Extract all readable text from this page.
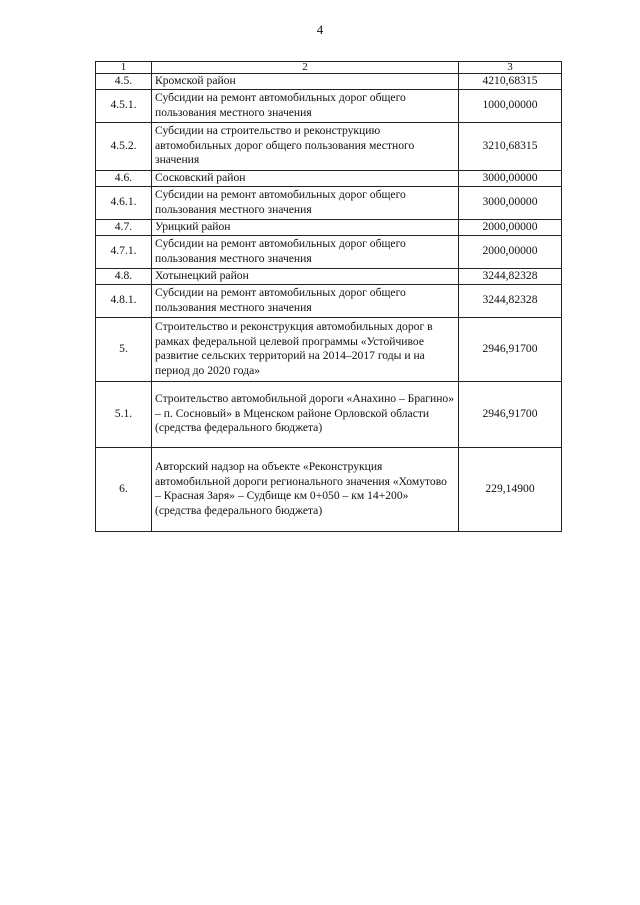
4
1	2	3
4.5.	Кромской район	4210,68315
4.5.1.	Субсидии на ремонт автомобильных дорог общего пользования местного значения	1000,00000
4.5.2.	Субсидии на строительство и реконструкцию автомобильных дорог общего пользования местного значения	3210,68315
4.6.	Сосковский район	3000,00000
4.6.1.	Субсидии на ремонт автомобильных дорог общего пользования местного значения	3000,00000
4.7.	Урицкий район	2000,00000
4.7.1.	Субсидии на ремонт автомобильных дорог общего пользования местного значения	2000,00000
4.8.	Хотынецкий район	3244,82328
4.8.1.	Субсидии на ремонт автомобильных дорог общего пользования местного значения	3244,82328
5.	Строительство и реконструкция автомобильных дорог в рамках федеральной целевой программы «Устойчивое развитие сельских территорий на 2014–2017 годы и на период до 2020 года»	2946,91700
5.1.	Строительство автомобильной дороги «Анахино – Брагино» – п. Сосновый» в Мценском районе Орловской области (средства федерального бюджета)	2946,91700
6.	Авторский надзор на объекте «Реконструкция автомобильной дороги регионального значения «Хомутово – Красная Заря» – Судбище км 0+050 – км 14+200» (средства федерального бюджета)	229,14900
